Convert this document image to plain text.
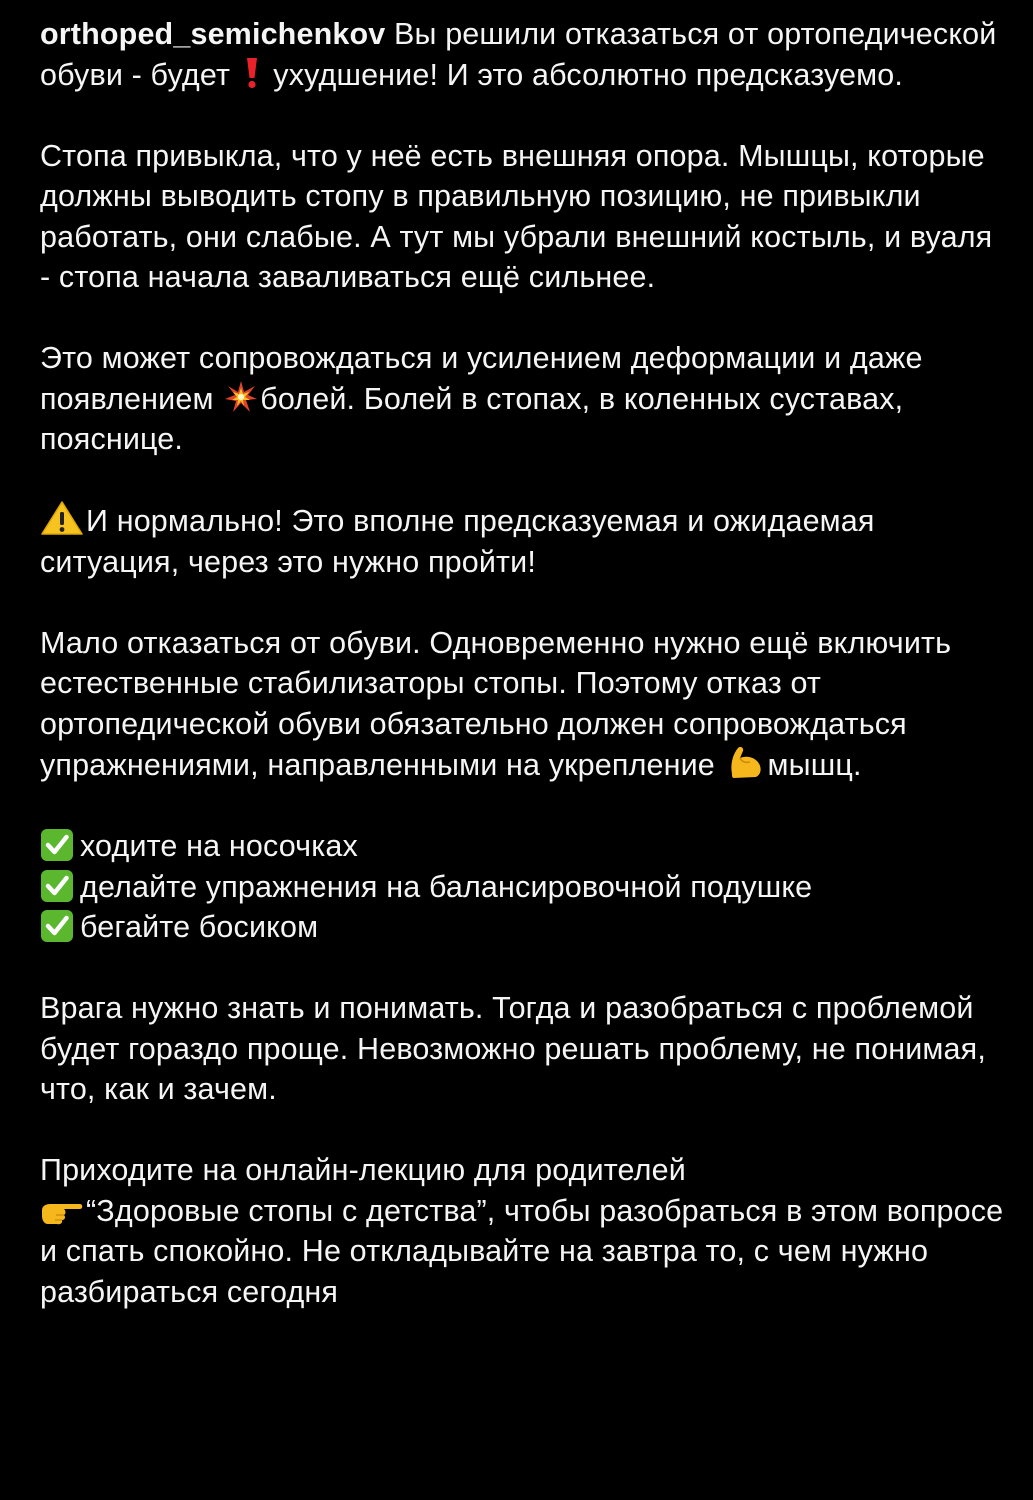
orthoped_semichenkov Вы решили отказаться от ортопедической обуви - будет
ухудшение! И это абсолютно предсказуемо.
Стопа привыкла, что у неё есть внешняя опора. Мышцы, которые должны выводить стопу в правильную позицию, не привыкли работать, они слабые. А тут мы убрали внешний костыль, и вуаля - стопа начала заваливаться ещё сильнее.
Это может сопровождаться и усилением деформации и даже появлением
болей. Болей в стопах, в коленных суставах, пояснице.
И нормально! Это вполне предсказуемая и ожидаемая ситуация, через это нужно пройти!
Мало отказаться от обуви. Одновременно нужно ещё включить естественные стабилизаторы стопы. Поэтому отказ от ортопедической обуви обязательно должен сопровождаться упражнениями, направленными на укрепление
мышц.
ходите на носочках
делайте упражнения на балансировочной подушке
бегайте босиком
Врага нужно знать и понимать. Тогда и разобраться с проблемой будет гораздо проще. Невозможно решать проблему, не понимая, что, как и зачем.
Приходите на онлайн-лекцию для родителей

“Здоровые стопы с детства”, чтобы разобраться в этом вопросе и спать спокойно. Не откладывайте на завтра то, с чем нужно разбираться сегодня
